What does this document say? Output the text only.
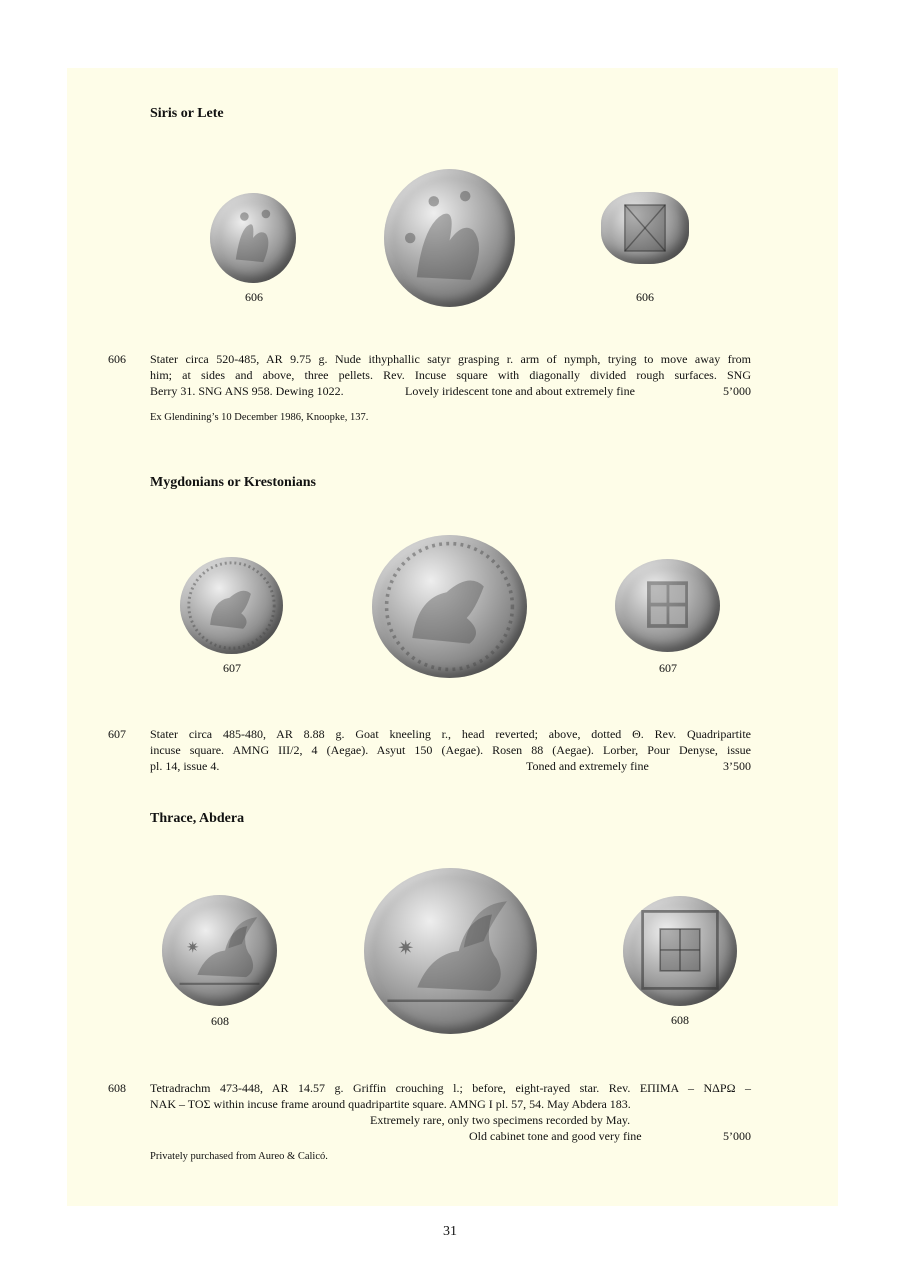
Siris or Lete
606	606
606 Stater circa 520-485, AR 9.75 g. Nude ithyphallic satyr grasping r. arm of nymph, trying to move away from
him; at sides and above, three pellets. Rev. Incuse square with diagonally divided rough surfaces. SNG
Berry 31. SNG ANS 958. Dewing 1022.	Lovely iridescent tone and about extremely fine	5’000
Ex Glendining’s 10 December 1986, Knoopke, 137.
Mygdonians or Krestonians
607	607
607 Stater circa 485-480, AR 8.88 g. Goat kneeling r., head reverted; above, dotted Θ. Rev. Quadripartite
incuse square. AMNG III/2, 4 (Aegae). Asyut 150 (Aegae). Rosen 88 (Aegae). Lorber, Pour Denyse, issue
pl. 14, issue 4.	Toned and extremely fine	3’500
Thrace, Abdera
✷	✷
608	608
608 Tetradrachm 473-448, AR 14.57 g. Griffin crouching l.; before, eight-rayed star. Rev. ΕΠΙΜΑ – ΝΔΡΩ –
ΝΑΚ – ΤΟΣ within incuse frame around quadripartite square. AMNG I pl. 57, 54. May Abdera 183.
Extremely rare, only two specimens recorded by May.
Old cabinet tone and good very fine	5’000
Privately purchased from Aureo & Calicó.
31
